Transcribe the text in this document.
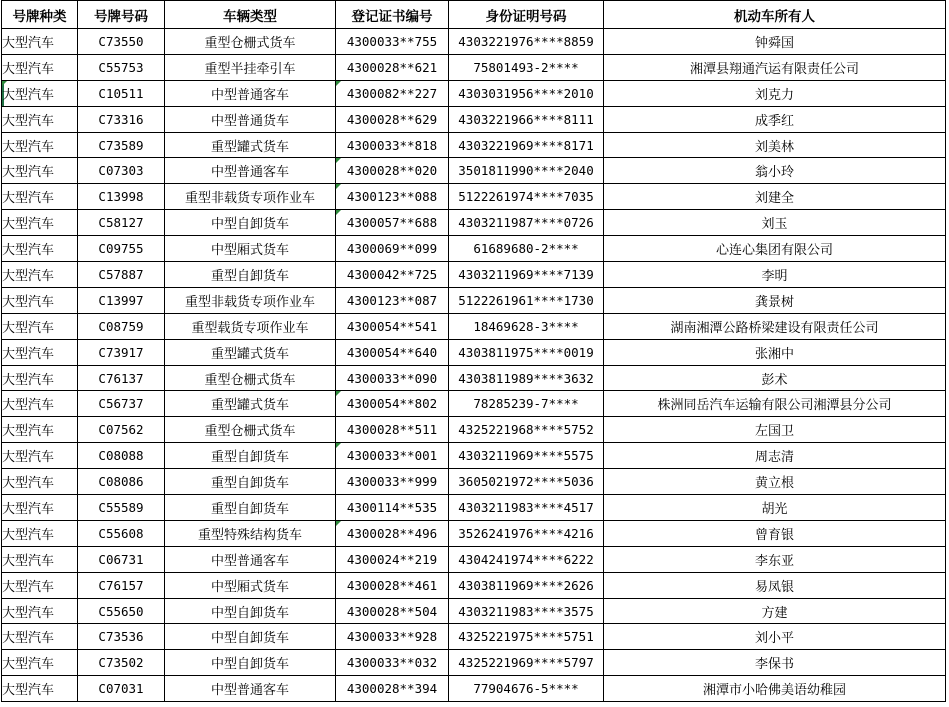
号牌种类	号牌号码	车辆类型	登记证书编号	身份证明号码	机动车所有人
大型汽车	C73550	重型仓栅式货车	4300033**755	4303221976****8859	钟舜国
大型汽车	C55753	重型半挂牵引车	4300028**621	75801493-2****	湘潭县翔通汽运有限责任公司
大型汽车	C10511	中型普通客车	4300082**227	4303031956****2010	刘克力
大型汽车	C73316	中型普通货车	4300028**629	4303221966****8111	成季红
大型汽车	C73589	重型罐式货车	4300033**818	4303221969****8171	刘美林
大型汽车	C07303	中型普通客车	4300028**020	3501811990****2040	翁小玲
大型汽车	C13998	重型非载货专项作业车	4300123**088	5122261974****7035	刘建全
大型汽车	C58127	中型自卸货车	4300057**688	4303211987****0726	刘玉
大型汽车	C09755	中型厢式货车	4300069**099	61689680-2****	心连心集团有限公司
大型汽车	C57887	重型自卸货车	4300042**725	4303211969****7139	李明
大型汽车	C13997	重型非载货专项作业车	4300123**087	5122261961****1730	龚景树
大型汽车	C08759	重型载货专项作业车	4300054**541	18469628-3****	湖南湘潭公路桥梁建设有限责任公司
大型汽车	C73917	重型罐式货车	4300054**640	4303811975****0019	张湘中
大型汽车	C76137	重型仓栅式货车	4300033**090	4303811989****3632	彭术
大型汽车	C56737	重型罐式货车	4300054**802	78285239-7****	株洲同岳汽车运输有限公司湘潭县分公司
大型汽车	C07562	重型仓栅式货车	4300028**511	4325221968****5752	左国卫
大型汽车	C08088	重型自卸货车	4300033**001	4303211969****5575	周志清
大型汽车	C08086	重型自卸货车	4300033**999	3605021972****5036	黄立根
大型汽车	C55589	重型自卸货车	4300114**535	4303211983****4517	胡光
大型汽车	C55608	重型特殊结构货车	4300028**496	3526241976****4216	曾育银
大型汽车	C06731	中型普通客车	4300024**219	4304241974****6222	李东亚
大型汽车	C76157	中型厢式货车	4300028**461	4303811969****2626	易凤银
大型汽车	C55650	中型自卸货车	4300028**504	4303211983****3575	方建
大型汽车	C73536	中型自卸货车	4300033**928	4325221975****5751	刘小平
大型汽车	C73502	中型自卸货车	4300033**032	4325221969****5797	李保书
大型汽车	C07031	中型普通客车	4300028**394	77904676-5****	湘潭市小哈佛美语幼稚园
